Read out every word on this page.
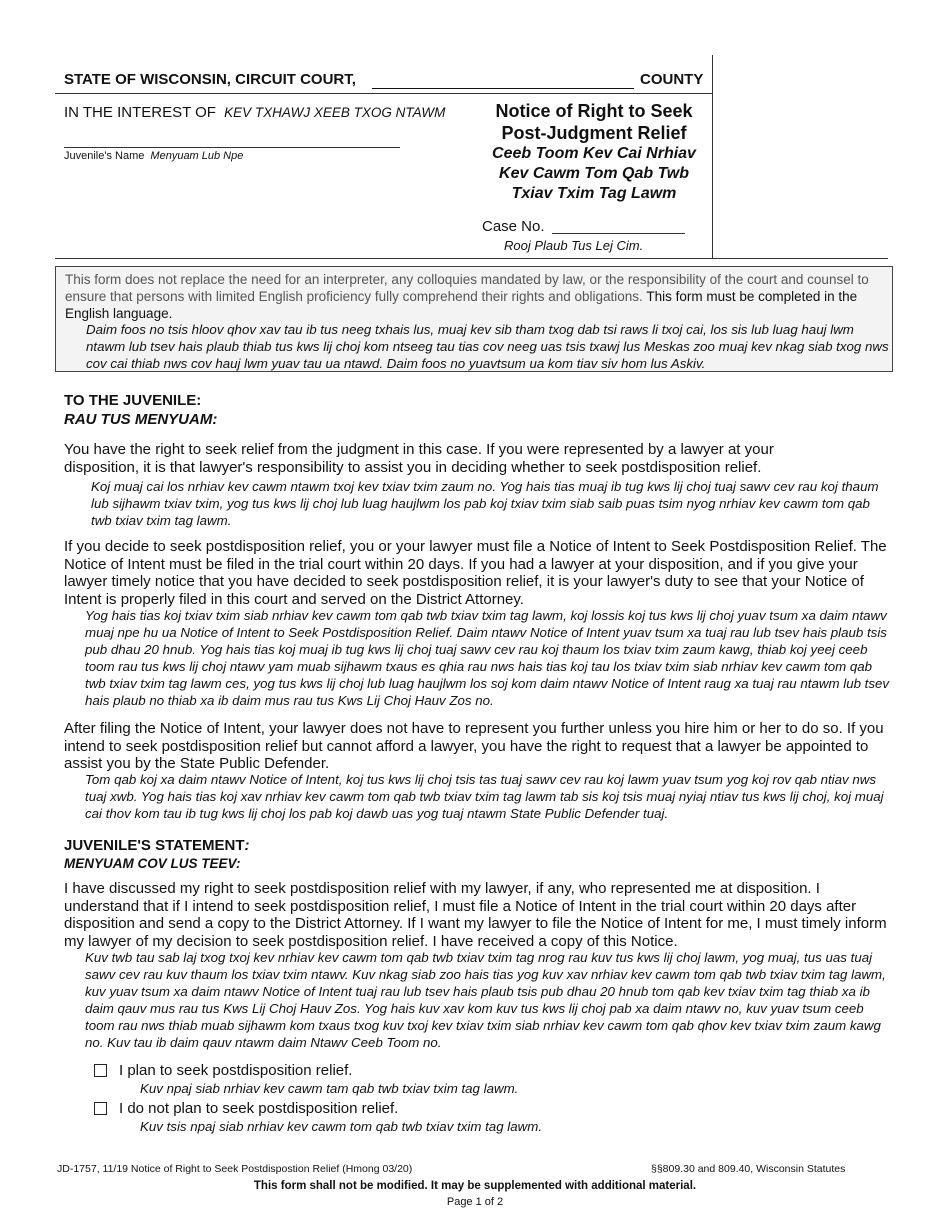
STATE OF WISCONSIN, CIRCUIT COURT,	COUNTY
IN THE INTEREST OF KEV TXHAWJ XEEB TXOG NTAWM
Juvenile's Name Menyuam Lub Npe
Notice of Right to Seek
Post-Judgment Relief
Ceeb Toom Kev Cai Nrhiav
Kev Cawm Tom Qab Twb
Txiav Txim Tag Lawm
Case No.
Rooj Plaub Tus Lej Cim.
This form does not replace the need for an interpreter, any colloquies mandated by law, or the responsibility of the court and counsel to ensure that persons with limited English proficiency fully comprehend their rights and obligations. This form must be completed in the English language.
Daim foos no tsis hloov qhov xav tau ib tus neeg txhais lus, muaj kev sib tham txog dab tsi raws li txoj cai, los sis lub luag hauj lwm ntawm lub tsev hais plaub thiab tus kws lij choj kom ntseeg tau tias cov neeg uas tsis txawj lus Meskas zoo muaj kev nkag siab txog nws cov cai thiab nws cov hauj lwm yuav tau ua ntawd. Daim foos no yuavtsum ua kom tiav siv hom lus Askiv.
TO THE JUVENILE:
RAU TUS MENYUAM:
You have the right to seek relief from the judgment in this case. If you were represented by a lawyer at your disposition, it is that lawyer's responsibility to assist you in deciding whether to seek postdisposition relief.
Koj muaj cai los nrhiav kev cawm ntawm txoj kev txiav txim zaum no. Yog hais tias muaj ib tug kws lij choj tuaj sawv cev rau koj thaum lub sijhawm txiav txim, yog tus kws lij choj lub luag haujlwm los pab koj txiav txim siab saib puas tsim nyog nrhiav kev cawm tom qab twb txiav txim tag lawm.
If you decide to seek postdisposition relief, you or your lawyer must file a Notice of Intent to Seek Postdisposition Relief. The Notice of Intent must be filed in the trial court within 20 days. If you had a lawyer at your disposition, and if you give your lawyer timely notice that you have decided to seek postdisposition relief, it is your lawyer's duty to see that your Notice of Intent is properly filed in this court and served on the District Attorney.
Yog hais tias koj txiav txim siab nrhiav kev cawm tom qab twb txiav txim tag lawm, koj lossis koj tus kws lij choj yuav tsum xa daim ntawv muaj npe hu ua Notice of Intent to Seek Postdisposition Relief. Daim ntawv Notice of Intent yuav tsum xa tuaj rau lub tsev hais plaub tsis pub dhau 20 hnub. Yog hais tias koj muaj ib tug kws lij choj tuaj sawv cev rau koj thaum los txiav txim zaum kawg, thiab koj yeej ceeb toom rau tus kws lij choj ntawv yam muab sijhawm txaus es qhia rau nws hais tias koj tau los txiav txim siab nrhiav kev cawm tom qab twb txiav txim tag lawm ces, yog tus kws lij choj lub luag haujlwm los soj kom daim ntawv Notice of Intent raug xa tuaj rau ntawm lub tsev hais plaub no thiab xa ib daim mus rau tus Kws Lij Choj Hauv Zos no.
After filing the Notice of Intent, your lawyer does not have to represent you further unless you hire him or her to do so. If you intend to seek postdisposition relief but cannot afford a lawyer, you have the right to request that a lawyer be appointed to assist you by the State Public Defender.
Tom qab koj xa daim ntawv Notice of Intent, koj tus kws lij choj tsis tas tuaj sawv cev rau koj lawm yuav tsum yog koj rov qab ntiav nws tuaj xwb. Yog hais tias koj xav nrhiav kev cawm tom qab twb txiav txim tag lawm tab sis koj tsis muaj nyiaj ntiav tus kws lij choj, koj muaj cai thov kom tau ib tug kws lij choj los pab koj dawb uas yog tuaj ntawm State Public Defender tuaj.
JUVENILE'S STATEMENT:
MENYUAM COV LUS TEEV:
I have discussed my right to seek postdisposition relief with my lawyer, if any, who represented me at disposition. I understand that if I intend to seek postdisposition relief, I must file a Notice of Intent in the trial court within 20 days after disposition and send a copy to the District Attorney. If I want my lawyer to file the Notice of Intent for me, I must timely inform my lawyer of my decision to seek postdisposition relief. I have received a copy of this Notice.
Kuv twb tau sab laj txog txoj kev nrhiav kev cawm tom qab twb txiav txim tag nrog rau kuv tus kws lij choj lawm, yog muaj, tus uas tuaj sawv cev rau kuv thaum los txiav txim ntawv. Kuv nkag siab zoo hais tias yog kuv xav nrhiav kev cawm tom qab twb txiav txim tag lawm, kuv yuav tsum xa daim ntawv Notice of Intent tuaj rau lub tsev hais plaub tsis pub dhau 20 hnub tom qab kev txiav txim tag thiab xa ib daim qauv mus rau tus Kws Lij Choj Hauv Zos. Yog hais kuv xav kom kuv tus kws lij choj pab xa daim ntawv no, kuv yuav tsum ceeb toom rau nws thiab muab sijhawm kom txaus txog kuv txoj kev txiav txim siab nrhiav kev cawm tom qab qhov kev txiav txim zaum kawg no. Kuv tau ib daim qauv ntawm daim Ntawv Ceeb Toom no.
I plan to seek postdisposition relief.
Kuv npaj siab nrhiav kev cawm tam qab twb txiav txim tag lawm.
I do not plan to seek postdisposition relief.
Kuv tsis npaj siab nrhiav kev cawm tom qab twb txiav txim tag lawm.
JD-1757, 11/19 Notice of Right to Seek Postdispostion Relief (Hmong 03/20)	§§809.30 and 809.40, Wisconsin Statutes
This form shall not be modified. It may be supplemented with additional material.
Page 1 of 2
